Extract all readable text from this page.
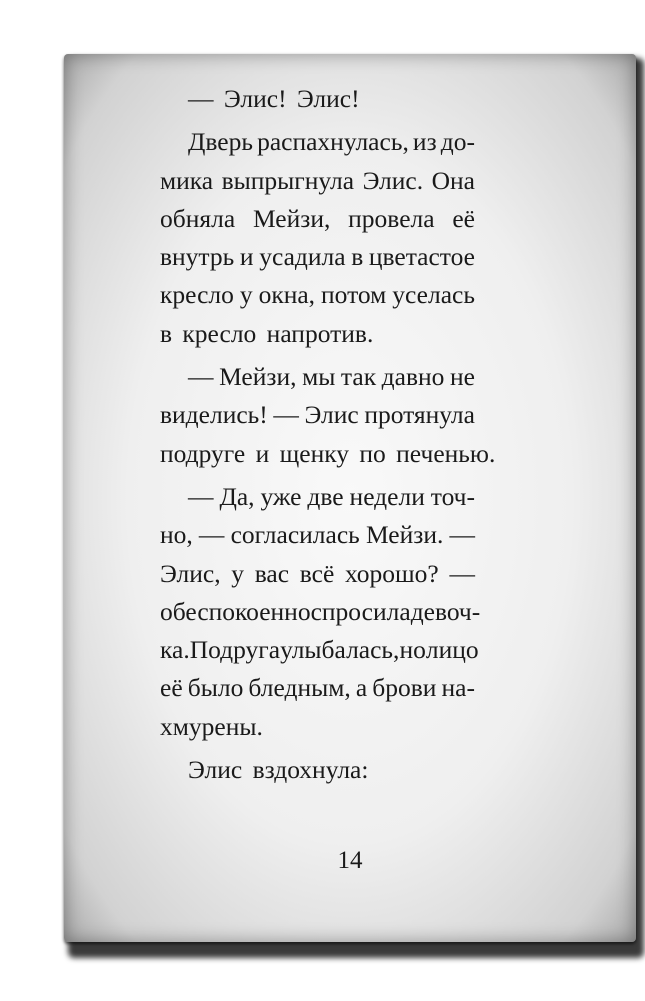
— Элис! Элис!
Дверь распахнулась, из до-
мика выпрыгнула Элис. Она
обняла Мейзи, провела её
внутрь и усадила в цветастое
кресло у окна, потом уселась
в кресло напротив.
— Мейзи, мы так давно не
виделись! — Элис протянула
подруге и щенку по печенью.
— Да, уже две недели точ-
но, — согласилась Мейзи. —
Элис, у вас всё хорошо? —
обеспокоенно спросила девоч-
ка. Подруга улыбалась, но лицо
её было бледным, а брови на-
хмурены.
Элис вздохнула:
14
